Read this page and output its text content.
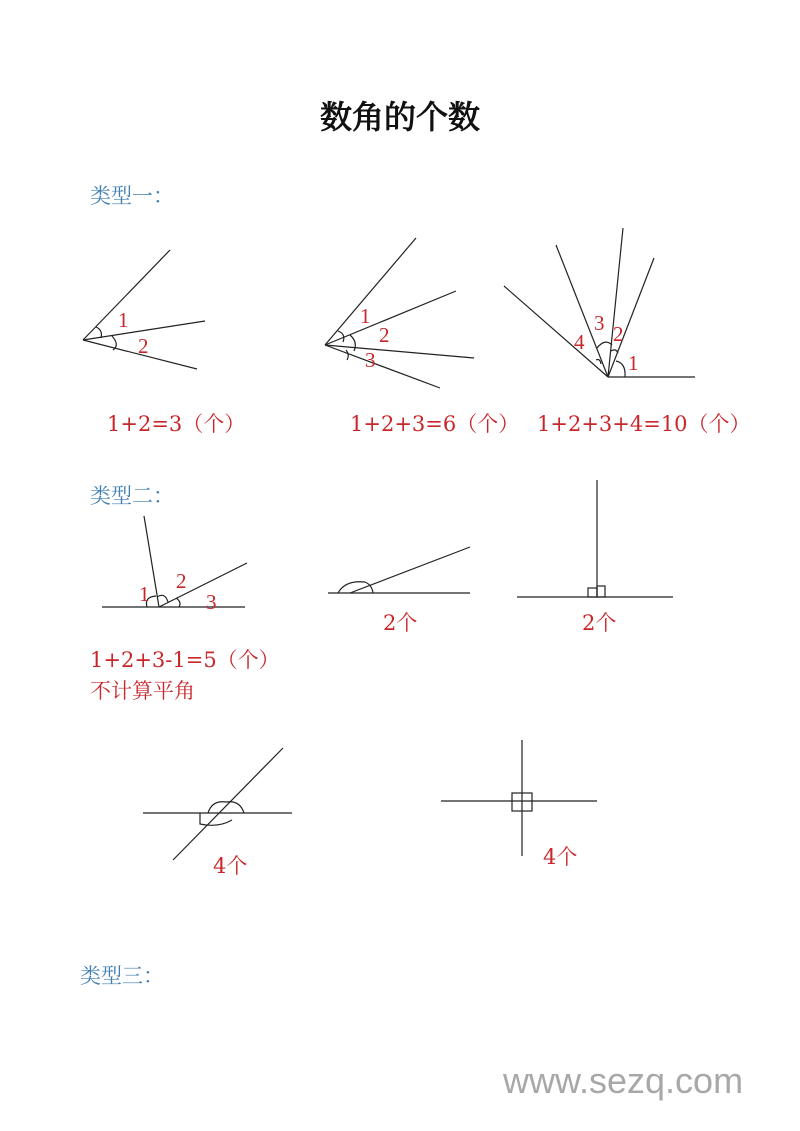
数角的个数
类型一：
类型二：
类型三：
1
2
1
2
3
4
3 2
1
1
2
3
1+2=3（个）	1+2+3=6（个） 1+2+3+4=10（个）
2个	2个
1+2+3-1=5（个）
不计算平角
4个	4个
www.sezq.com
